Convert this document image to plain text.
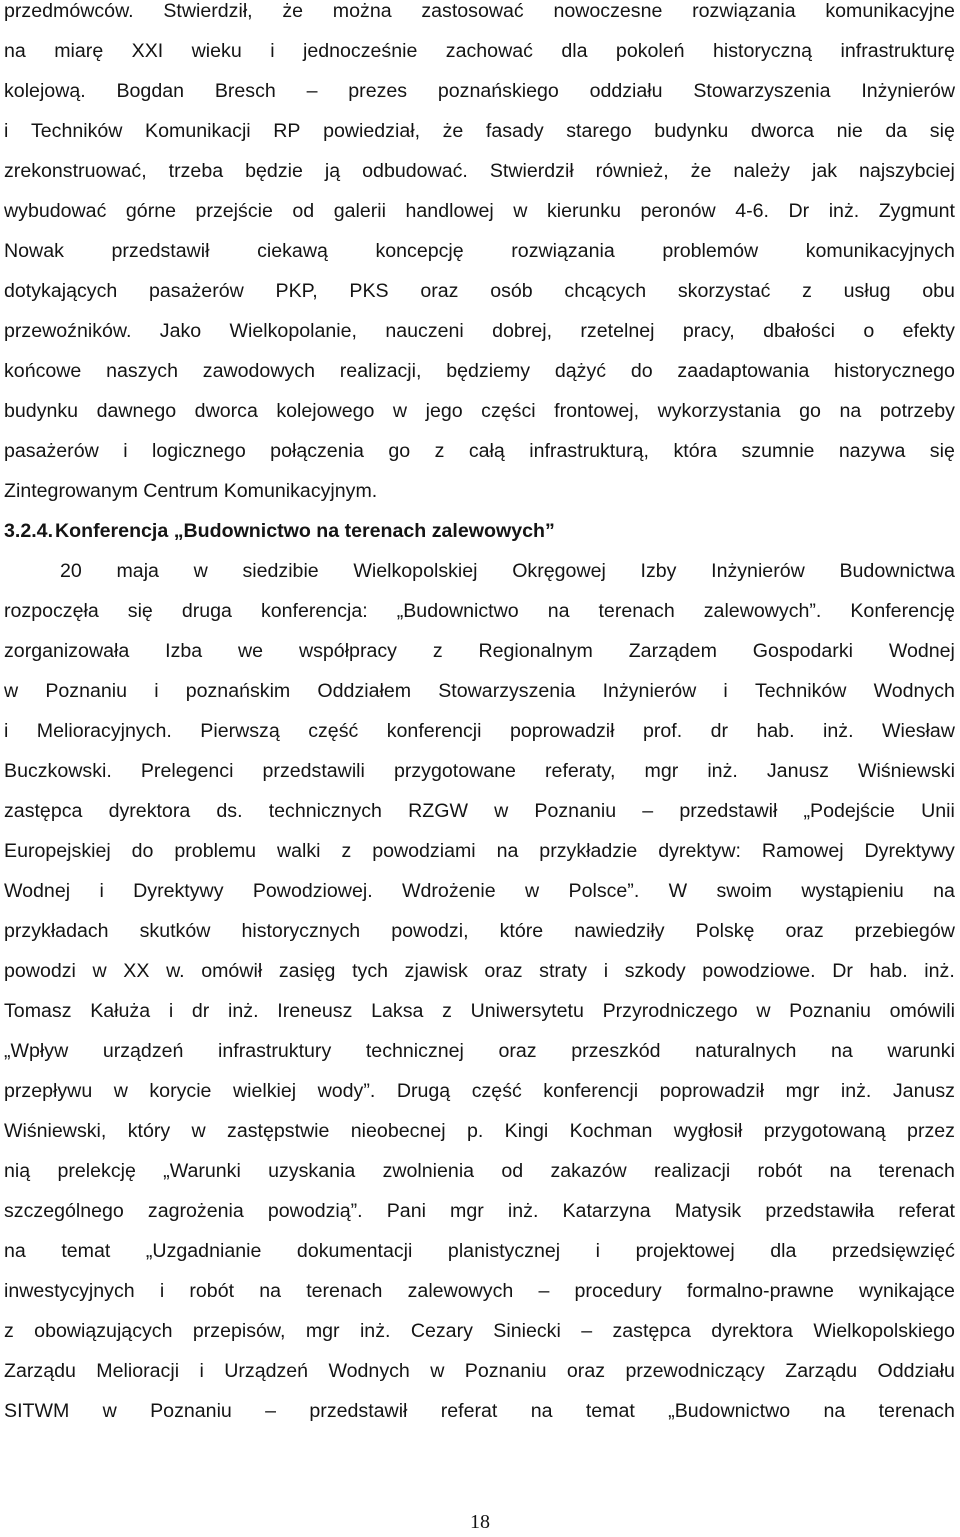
przedmówców. Stwierdził, że można zastosować nowoczesne rozwiązania komunikacyjne
na miarę XXI wieku i jednocześnie zachować dla pokoleń historyczną infrastrukturę
kolejową. Bogdan Bresch – prezes poznańskiego oddziału Stowarzyszenia Inżynierów
i Techników Komunikacji RP powiedział, że fasady starego budynku dworca nie da się
zrekonstruować, trzeba będzie ją odbudować. Stwierdził również, że należy jak najszybciej
wybudować górne przejście od galerii handlowej w kierunku peronów 4-6. Dr inż. Zygmunt
Nowak przedstawił ciekawą koncepcję rozwiązania problemów komunikacyjnych
dotykających pasażerów PKP, PKS oraz osób chcących skorzystać z usług obu
przewoźników. Jako Wielkopolanie, nauczeni dobrej, rzetelnej pracy, dbałości o efekty
końcowe naszych zawodowych realizacji, będziemy dążyć do zaadaptowania historycznego
budynku dawnego dworca kolejowego w jego części frontowej, wykorzystania go na potrzeby
pasażerów i logicznego połączenia go z całą infrastrukturą, która szumnie nazywa się
Zintegrowanym Centrum Komunikacyjnym.
3.2.4. Konferencja „Budownictwo na terenach zalewowych”
20 maja w siedzibie Wielkopolskiej Okręgowej Izby Inżynierów Budownictwa
rozpoczęła się druga konferencja: „Budownictwo na terenach zalewowych”. Konferencję
zorganizowała Izba we współpracy z Regionalnym Zarządem Gospodarki Wodnej
w Poznaniu i poznańskim Oddziałem Stowarzyszenia Inżynierów i Techników Wodnych
i Melioracyjnych. Pierwszą część konferencji poprowadził prof. dr hab. inż. Wiesław
Buczkowski. Prelegenci przedstawili przygotowane referaty, mgr inż. Janusz Wiśniewski
zastępca dyrektora ds. technicznych RZGW w Poznaniu – przedstawił „Podejście Unii
Europejskiej do problemu walki z powodziami na przykładzie dyrektyw: Ramowej Dyrektywy
Wodnej i Dyrektywy Powodziowej. Wdrożenie w Polsce”. W swoim wystąpieniu na
przykładach skutków historycznych powodzi, które nawiedziły Polskę oraz przebiegów
powodzi w XX w. omówił zasięg tych zjawisk oraz straty i szkody powodziowe. Dr hab. inż.
Tomasz Kałuża i dr inż. Ireneusz Laksa z Uniwersytetu Przyrodniczego w Poznaniu omówili
„Wpływ urządzeń infrastruktury technicznej oraz przeszkód naturalnych na warunki
przepływu w korycie wielkiej wody”. Drugą część konferencji poprowadził mgr inż. Janusz
Wiśniewski, który w zastępstwie nieobecnej p. Kingi Kochman wygłosił przygotowaną przez
nią prelekcję „Warunki uzyskania zwolnienia od zakazów realizacji robót na terenach
szczególnego zagrożenia powodzią”. Pani mgr inż. Katarzyna Matysik przedstawiła referat
na temat „Uzgadnianie dokumentacji planistycznej i projektowej dla przedsięwzięć
inwestycyjnych i robót na terenach zalewowych – procedury formalno-prawne wynikające
z obowiązujących przepisów, mgr inż. Cezary Siniecki – zastępca dyrektora Wielkopolskiego
Zarządu Melioracji i Urządzeń Wodnych w Poznaniu oraz przewodniczący Zarządu Oddziału
SITWM w Poznaniu – przedstawił referat na temat „Budownictwo na terenach
18
